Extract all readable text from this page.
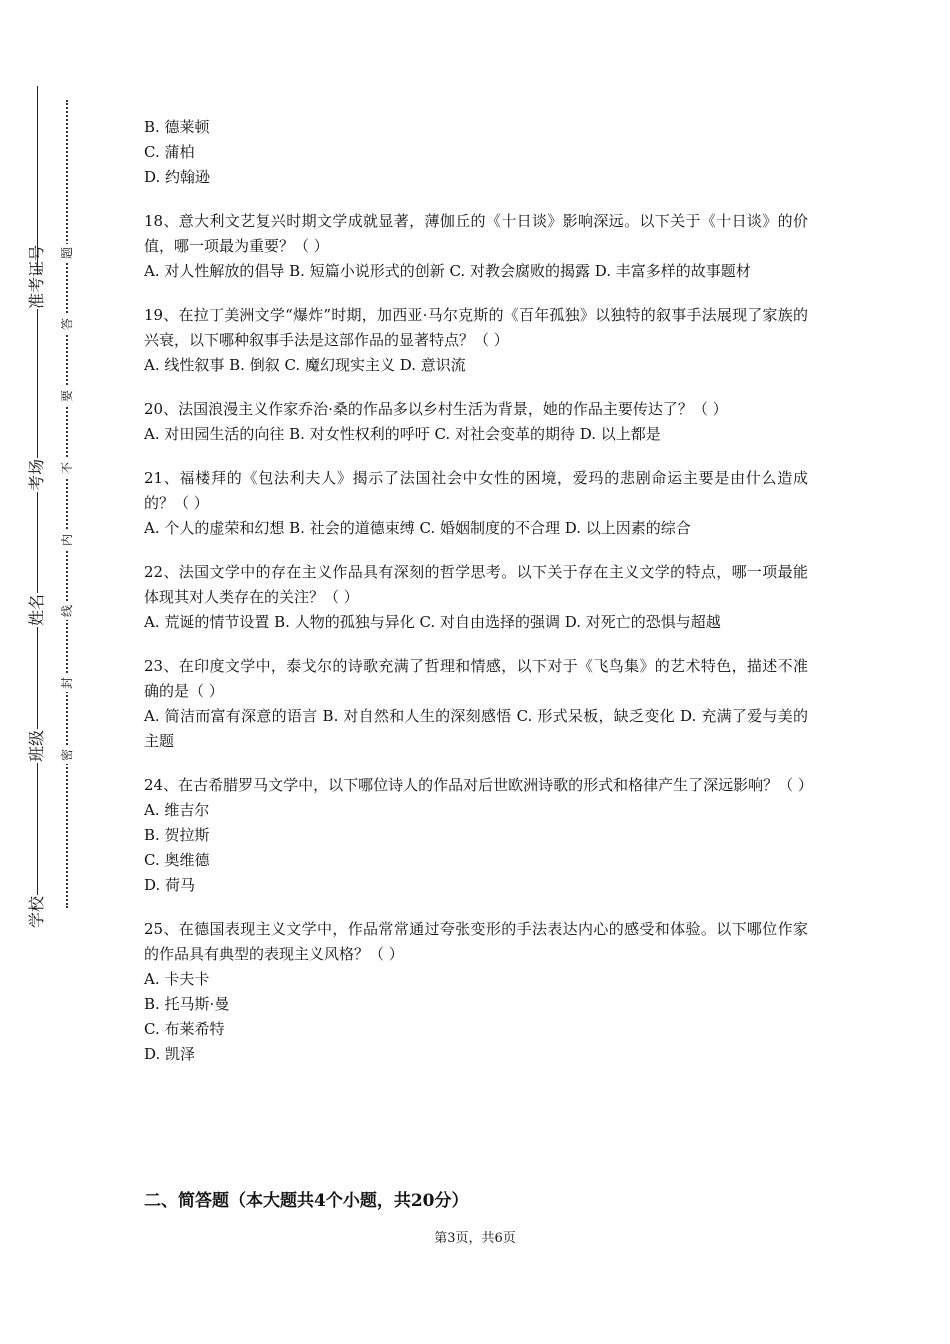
准考证号
考场
姓名
班级
学校
题
答
要
不
内
线
封
密

B. 德莱顿

C. 蒲柏

D. 约翰逊

18、意大利文艺复兴时期文学成就显著，薄伽丘的《十日谈》影响深远。以下关于《十日谈》的价值，哪一项最为重要？（ ）

A. 对人性解放的倡导 B. 短篇小说形式的创新 C. 对教会腐败的揭露 D. 丰富多样的故事题材

19、在拉丁美洲文学“爆炸”时期，加西亚·马尔克斯的《百年孤独》以独特的叙事手法展现了家族的兴衰，以下哪种叙事手法是这部作品的显著特点？（ ）

A. 线性叙事 B. 倒叙 C. 魔幻现实主义 D. 意识流

20、法国浪漫主义作家乔治·桑的作品多以乡村生活为背景，她的作品主要传达了？（ ）

A. 对田园生活的向往 B. 对女性权利的呼吁 C. 对社会变革的期待 D. 以上都是

21、福楼拜的《包法利夫人》揭示了法国社会中女性的困境，爱玛的悲剧命运主要是由什么造成的？（ ）

A. 个人的虚荣和幻想 B. 社会的道德束缚 C. 婚姻制度的不合理 D. 以上因素的综合

22、法国文学中的存在主义作品具有深刻的哲学思考。以下关于存在主义文学的特点，哪一项最能体现其对人类存在的关注？（ ）

A. 荒诞的情节设置 B. 人物的孤独与异化 C. 对自由选择的强调 D. 对死亡的恐惧与超越

23、在印度文学中，泰戈尔的诗歌充满了哲理和情感，以下对于《飞鸟集》的艺术特色，描述不准确的是（ ）

A. 简洁而富有深意的语言 B. 对自然和人生的深刻感悟 C. 形式呆板，缺乏变化 D. 充满了爱与美的主题

24、在古希腊罗马文学中，以下哪位诗人的作品对后世欧洲诗歌的形式和格律产生了深远影响？（ ）

A. 维吉尔

B. 贺拉斯

C. 奥维德

D. 荷马

25、在德国表现主义文学中，作品常常通过夸张变形的手法表达内心的感受和体验。以下哪位作家的作品具有典型的表现主义风格？（ ）

A. 卡夫卡

B. 托马斯·曼

C. 布莱希特

D. 凯泽

二、简答题（本大题共4个小题，共20分）
第3页，共6页
